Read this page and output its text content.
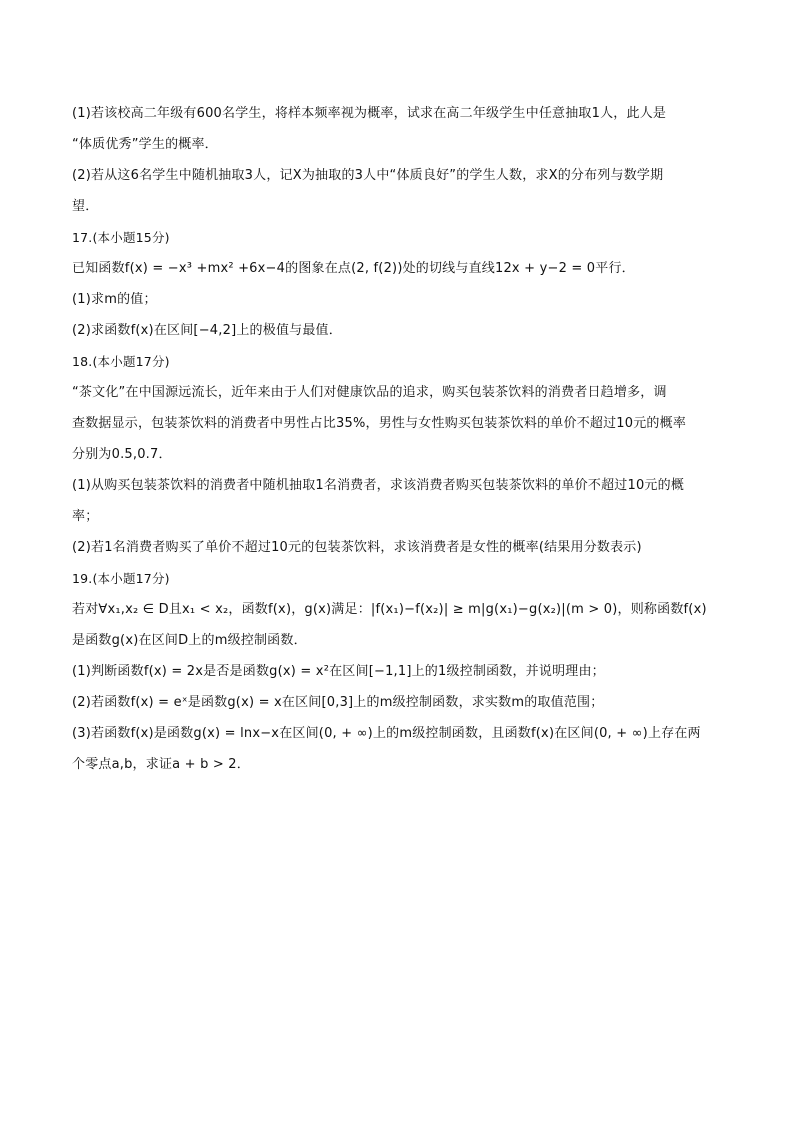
(1)若该校高二年级有600名学生，将样本频率视为概率，试求在高二年级学生中任意抽取1人，此人是
“体质优秀”学生的概率．
(2)若从这6名学生中随机抽取3人，记X为抽取的3人中“体质良好”的学生人数，求X的分布列与数学期
望．
17.(本小题15分)
已知函数f(x) = −x³ +mx² +6x−4的图象在点(2, f(2))处的切线与直线12x + y−2 = 0平行．
(1)求m的值；
(2)求函数f(x)在区间[−4,2]上的极值与最值．
18.(本小题17分)
“茶文化”在中国源远流长，近年来由于人们对健康饮品的追求，购买包装茶饮料的消费者日趋增多，调
查数据显示，包装茶饮料的消费者中男性占比35%，男性与女性购买包装茶饮料的单价不超过10元的概率
分别为0.5,0.7．
(1)从购买包装茶饮料的消费者中随机抽取1名消费者，求该消费者购买包装茶饮料的单价不超过10元的概
率；
(2)若1名消费者购买了单价不超过10元的包装茶饮料，求该消费者是女性的概率(结果用分数表示)
19.(本小题17分)
若对∀x₁,x₂ ∈ D且x₁ < x₂，函数f(x)，g(x)满足：|f(x₁)−f(x₂)| ≥ m|g(x₁)−g(x₂)|(m > 0)，则称函数f(x)
是函数g(x)在区间D上的m级控制函数．
(1)判断函数f(x) = 2x是否是函数g(x) = x²在区间[−1,1]上的1级控制函数，并说明理由；
(2)若函数f(x) = eˣ是函数g(x) = x在区间[0,3]上的m级控制函数，求实数m的取值范围；
(3)若函数f(x)是函数g(x) = lnx−x在区间(0, + ∞)上的m级控制函数，且函数f(x)在区间(0, + ∞)上存在两
个零点a,b，求证a + b > 2．
